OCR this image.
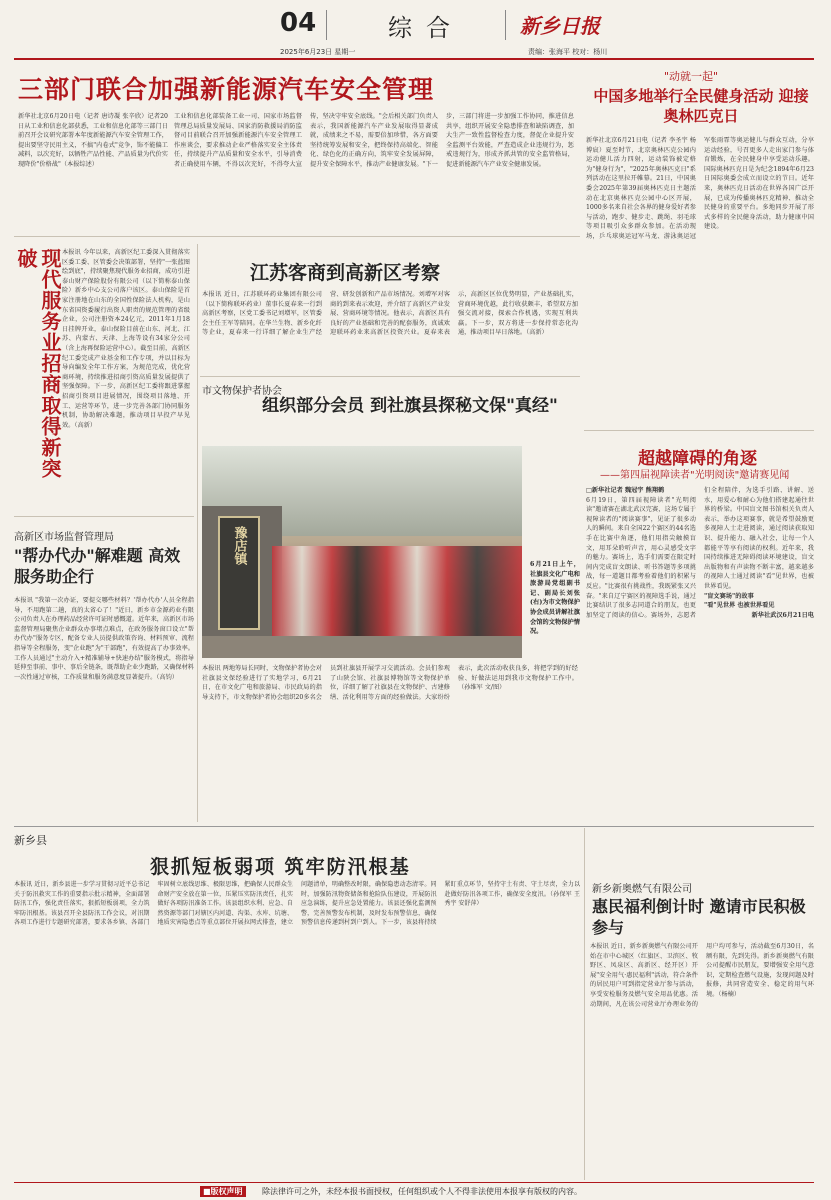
04	综合	新乡日报
2025年6月23日 星期一	责编：张海平 校对：杨川
三部门联合加强新能源汽车安全管理
新华社北京6月20日电（记者 唐诗凝 张辛欣）记者20日从工业和信息化部获悉，工业和信息化部等三部门日前召开会议研究部署本年度新能源汽车安全管理工作，提出要坚守民用主义，不搞"内卷式"竞争，饰不能偏工减料，以次充好，以牺牲产品性能、产品质量为代价实现降价"价格战"（本报综述）
工业和信息化部装备工业一司、国家市场监督管理总局质量发展局、国家消防救援局消防监督司目前联合召开加强新能源汽车安全管理工作座谈会，要求推动企业严格落实安全主体责任，持续提升产品质量和安全水平，引导消费者正确使用车辆，不得以次充好，不得夸大宣传，坚决守牢安全底线。"会后相关部门负责人表示，我国新能源汽车产业发展取得显著成就，成绩来之不易，需要倍加珍惜，各方面要坚持统筹发展和安全，把终保持高端化、智能化、绿色化的正确方向，筑牢安全发展屏障，提升安全保障水平，推动产业健康发展。"下一步，三部门将进一步加强工作协同，推进信息共享，组织开展安全隐患排查和缺陷调查，加大生产一致性监督检查力度，督促企业提升安全监测平台效能，严查造成企业违规行为，惩戒违规行为，形成齐抓共管的安全监管格局，促进新能源汽车产业安全健康发展。
现代服务业招商取得新突破	本报讯 今年以来，高新区纪工委深入贯彻落实区委工委、区管委会决策部署，坚持"一张蓝图绘到底"，持续聚焦现代服务业招商，成功引进泰山财产保险股份有限公司（以下简称泰山保险）新乡中心支公司落户该区。泰山保险是首家注册地在山东的全国性保险法人机构，是山东省国资委履行出资人职责的规范管理的省级企业，公司注册资本24亿元，2011年1月18日挂牌开业，泰山保险目前在山东、河北、江苏、内蒙古、天津、上海等设有34家分公司（含上海再保险运营中心）。截至目前，高新区纪工委完成产业基金和工作专项，并以目标为导向编发全年工作方案，为规范完成，优化营商环境，持续推进招商引资高质量发展提供了坚强保障。下一步，高新区纪工委将跟进掌握招商引资项目进展情况，围绕项目落地、开工、运营等环节，进一步完善各部门协同服务机制，协助解决难题，推动项目早投产早见效。（高新）
高新区市场监督管理局
"帮办代办"解难题 高效服务助企行
本报讯 "我第一次办证，要提交哪些材料？'帮办代办'人员全程指导，不用跑第二趟，真的太省心了！"近日，新乡市金源药业有限公司负责人在办理药品经营许可证时感慨道。近年来，高新区市场监督管理局聚焦企业群众办事堵点难点，在政务服务窗口设立"帮办代办"服务专区，配备专业人员提供政策咨询、材料预审、流程指导等全程服务，变"企业跑"为"干部跑"，有效提高了办事效率。工作人员通过"主动介入+精准辅导+快速办结"服务模式，将指导延伸至事前、事中、事后全链条，既帮助企业少跑路，又确保材料一次性通过审核，工作质量和服务满意度显著提升。（高钧）
江苏客商到高新区考察
本报讯 近日，江苏联环药业集团有限公司（以下简称联环药业）董事长夏春来一行到高新区考察，区党工委书记刘增军，区管委会主任王军等陪同。在华兰生物、新乡化纤等企业，夏春来一行详细了解企业生产经营、研发创新和产品市场情况。刘增军对客商的到来表示欢迎，并介绍了高新区产业发展、营商环境等情况。他表示，高新区具有良好的产业基础和完善的配套服务，真诚欢迎联环药业来高新区投资兴业。夏春来表示，高新区区位优势明显，产业基础扎实，营商环境优越，此行收获颇丰，希望双方加强交流对接，探索合作机遇，实现互利共赢。下一步，双方将进一步保持常态化沟通，推动项目早日落地。（高新）
市文物保护者协会
组织部分会员 到社旗县探秘文保"真经"
豫店镇	6月21日上午，社旗县文化广电和旅游局党组副书记、副局长刘张(右)为市文物保护协会成员讲解社旗会馆的文物保护情况。
本报讯 两地筹局长同时，文物保护者协会对社旗县文保经验进行了实地学习，6月21日，在市文化广电和旅游局、市民政局的指导支持下，市文物保护者协会组织20多名会员到社旗县开展学习交流活动。会员们参观了山陕会馆、社旗县博物馆等文物保护单位，详细了解了社旗县在文物保护、古建修缮、活化利用等方面的经验做法。大家纷纷表示，此次活动收获良多，将把学到的好经验、好做法运用到我市文物保护工作中。（孙维军 文/图）
"动就一起"
中国多地举行全民健身活动 迎接奥林匹克日
新华社北京6月21日电（记者 李圣宇 杨博宸）夏至时节，北京奥林匹克公园内运动健儿活力四射，运动装饰被定格为"健身行为"，"2025年奥林匹克日"系列活动在这里拉开帷幕。21日，中国奥委会2025年第39届奥林匹克日主题活动在北京奥林匹克公园中心区开展，1000多名来自社会各界的健身爱好者参与活动，跑步、健步走、跳绳、羽毛球等项目吸引众多群众参加。在活动现场，乒乓球奥运冠军马龙、游泳奥运冠军张雨霏等奥运健儿与群众互动，分享运动经验，号召更多人走出家门参与体育锻炼，在全民健身中享受运动乐趣。国际奥林匹克日是为纪念1894年6月23日国际奥委会成立而设立的节日。近年来，奥林匹克日活动在世界各国广泛开展，已成为传播奥林匹克精神、推动全民健身的重要平台。多地同步开展了形式多样的全民健身活动，助力健康中国建设。
超越障碍的角逐
——第四届视障读者"光明阅读"邀请赛见闻
□新华社记者 魏冠宇 熊翔鹤
6月19日，第四届视障读者"光明阅读"邀请赛在湖北武汉完赛，这场专属于视障读者的"阅读赛事"，见证了很多动人的瞬间。来自全国22个赛区的44名选手在比赛中角逐，他们用指尖触摸盲文，用耳朵聆听声音，用心灵感受文字的魅力。赛场上，选手们需要在限定时间内完成盲文朗读、听书答题等多项挑战，每一道题目都考验着他们的积累与反应。"比赛很有挑战性，我既紧张又兴奋。"来自辽宁赛区的视障选手说，通过比赛结识了很多志同道合的朋友，也更加坚定了阅读的信心。赛场外，志愿者们全程陪伴，为选手引路、讲解、送水，用爱心和耐心为他们搭建起通往世界的桥梁。中国盲文图书馆相关负责人表示，举办这项赛事，就是希望鼓励更多视障人士走进阅读，通过阅读获取知识、提升能力、融入社会，让每一个人都能平等享有阅读的权利。近年来，我国持续推进无障碍阅读环境建设，盲文出版物和有声读物不断丰富，越来越多的视障人士通过阅读"看"见世界，也被世界看见。
"盲文赛场"的故事
"看"见世界 也被世界看见
新华社武汉6月21日电
新乡县
狠抓短板弱项 筑牢防汛根基
本报讯 近日，新乡县进一步学习贯彻习近平总书记关于防汛救灾工作的重要指示批示精神，全面部署防汛工作，强化责任落实，狠抓短板弱项，全力筑牢防汛根基。该县召开全县防汛工作会议，对汛期各项工作进行专题研究部署，要求各乡镇、各部门牢固树立底线思维、极限思维，把确保人民群众生命财产安全放在第一位，压紧压实防汛责任，扎实做好各项防汛准备工作。该县组织水利、应急、自然资源等部门对辖区内河道、沟渠、水库、坑塘、地质灾害隐患点等重点部位开展拉网式排查，建立问题清单，明确整改时限，确保隐患动态清零。同时，加强防汛物资储备和抢险队伍建设，开展防汛应急演练，提升应急处置能力。该县还强化监测预警，完善预警发布机制，及时发布预警信息，确保预警信息传递到村到户到人。下一步，该县将持续紧盯重点环节，坚持守土有责、守土尽责，全力以赴做好防汛各项工作，确保安全度汛。（孙保军 王秀宇 安舒萍）
新乡新奥燃气有限公司
惠民福利倒计时 邀请市民积极参与
本报讯 近日，新乡新奥燃气有限公司开始在市中心城区（红旗区、卫滨区、牧野区、凤泉区、高新区、经开区）开展"安全用气·惠民福利"活动，符合条件的居民用户可到指定营业厅参与活动，享受安检服务及燃气安全用品优惠。活动期间，凡在该公司营业厅办理业务的用户均可参与，活动截至6月30日，名额有限，先到先得。新乡新奥燃气有限公司提醒市民朋友，要增强安全用气意识，定期检查燃气设施，发现问题及时报修，共同营造安全、稳定的用气环境。（杨楠）
■版权声明	除法律许可之外，未经本报书面授权，任何组织或个人不得非法使用本报享有版权的内容。
